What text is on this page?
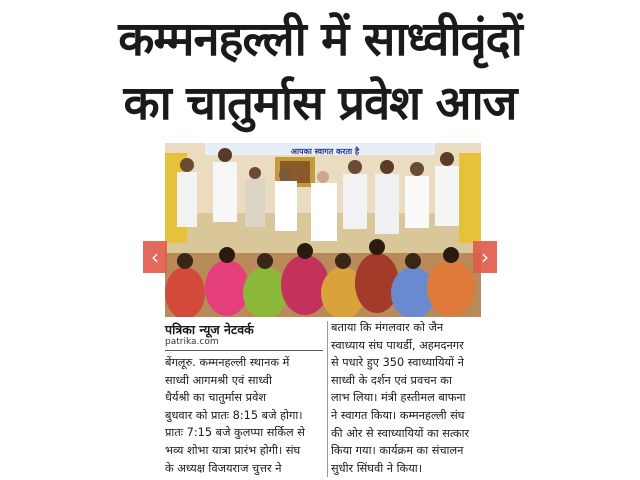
कम्मनहल्ली में साध्वीवृंदों
का चातुर्मास प्रवेश आज
आपका स्वागत करता है
‹	›
पत्रिका न्यूज नेटवर्क
patrika.com
बेंगलूरु. कम्मनहल्ली स्थानक में
साध्वी आगमश्री एवं साध्वी
धैर्यश्री का चातुर्मास प्रवेश
बुधवार को प्रातः 8:15 बजे होगा।
प्रातः 7:15 बजे कुलप्पा सर्किल से
भव्य शोभा यात्रा प्रारंभ होगी। संघ
के अध्यक्ष विजयराज चुत्तर ने
बताया कि मंगलवार को जैन
स्वाध्याय संघ पाथर्डी, अहमदनगर
से पधारे हुए 350 स्वाध्यायियों ने
साध्वी के दर्शन एवं प्रवचन का
लाभ लिया। मंत्री हस्तीमल बाफना
ने स्वागत किया। कम्मनहल्ली संघ
की ओर से स्वाध्यायियों का सत्कार
किया गया। कार्यक्रम का संचालन
सुधीर सिंघवी ने किया।
